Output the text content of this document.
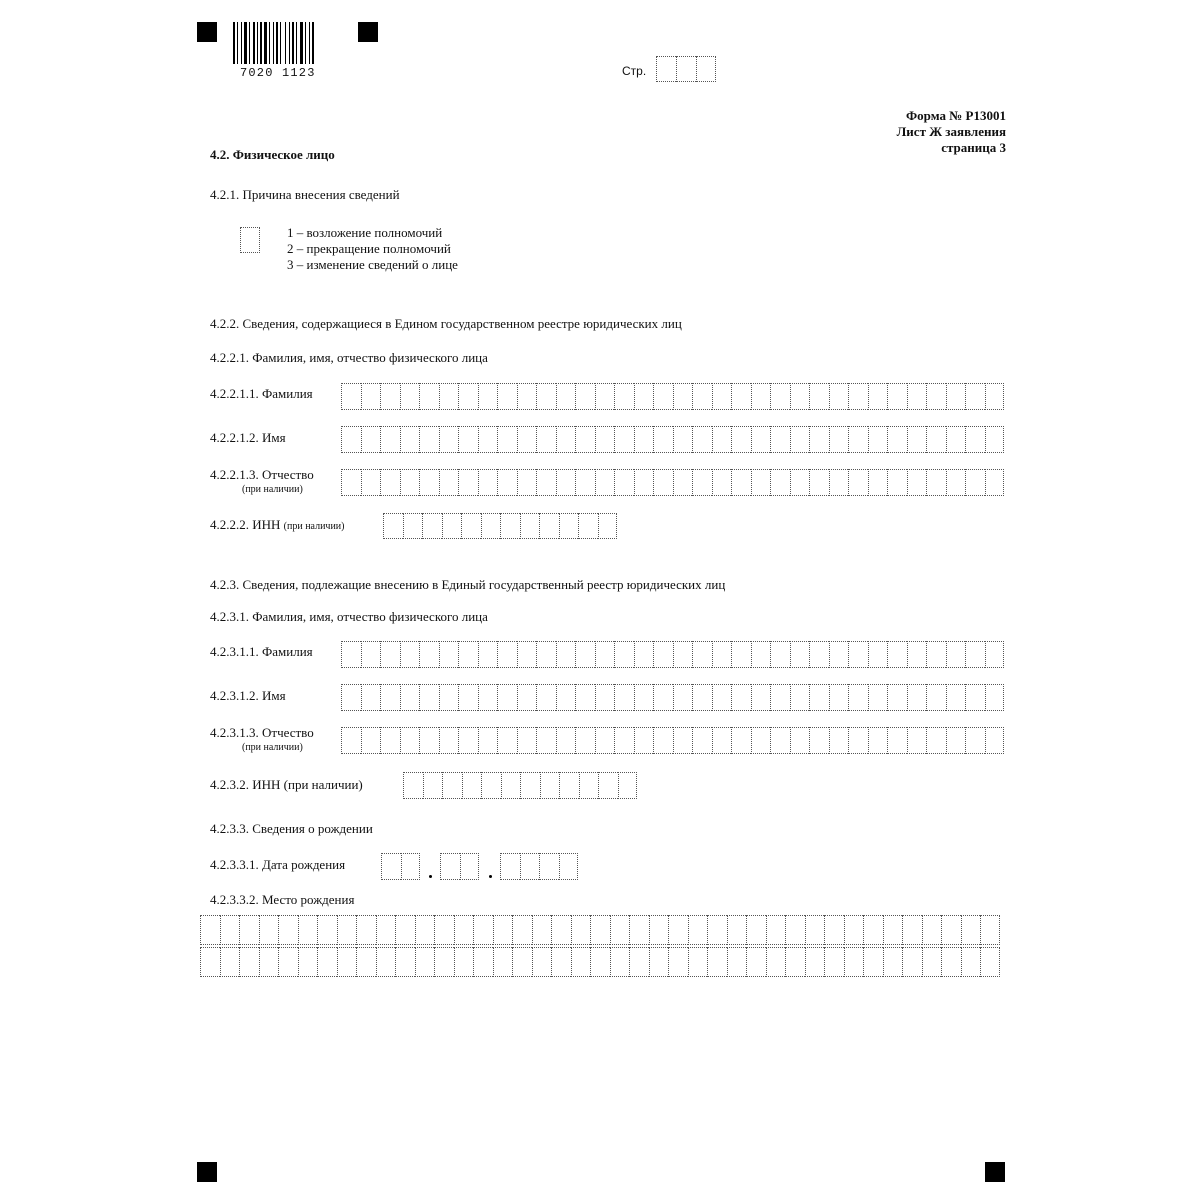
7020 1123	Стр.
Форма № Р13001
Лист Ж заявления
страница 3
4.2. Физическое лицо
4.2.1. Причина внесения сведений
1 – возложение полномочий
2 – прекращение полномочий
3 – изменение сведений о лице
4.2.2. Сведения, содержащиеся в Едином государственном реестре юридических лиц
4.2.2.1. Фамилия, имя, отчество физического лица
4.2.2.1.1. Фамилия
4.2.2.1.2. Имя
4.2.2.1.3. Отчество
(при наличии)
4.2.2.2. ИНН (при наличии)
4.2.3. Сведения, подлежащие внесению в Единый государственный реестр юридических лиц
4.2.3.1. Фамилия, имя, отчество физического лица
4.2.3.1.1. Фамилия
4.2.3.1.2. Имя
4.2.3.1.3. Отчество
(при наличии)
4.2.3.2. ИНН (при наличии)
4.2.3.3. Сведения о рождении
4.2.3.3.1. Дата рождения
4.2.3.3.2. Место рождения
